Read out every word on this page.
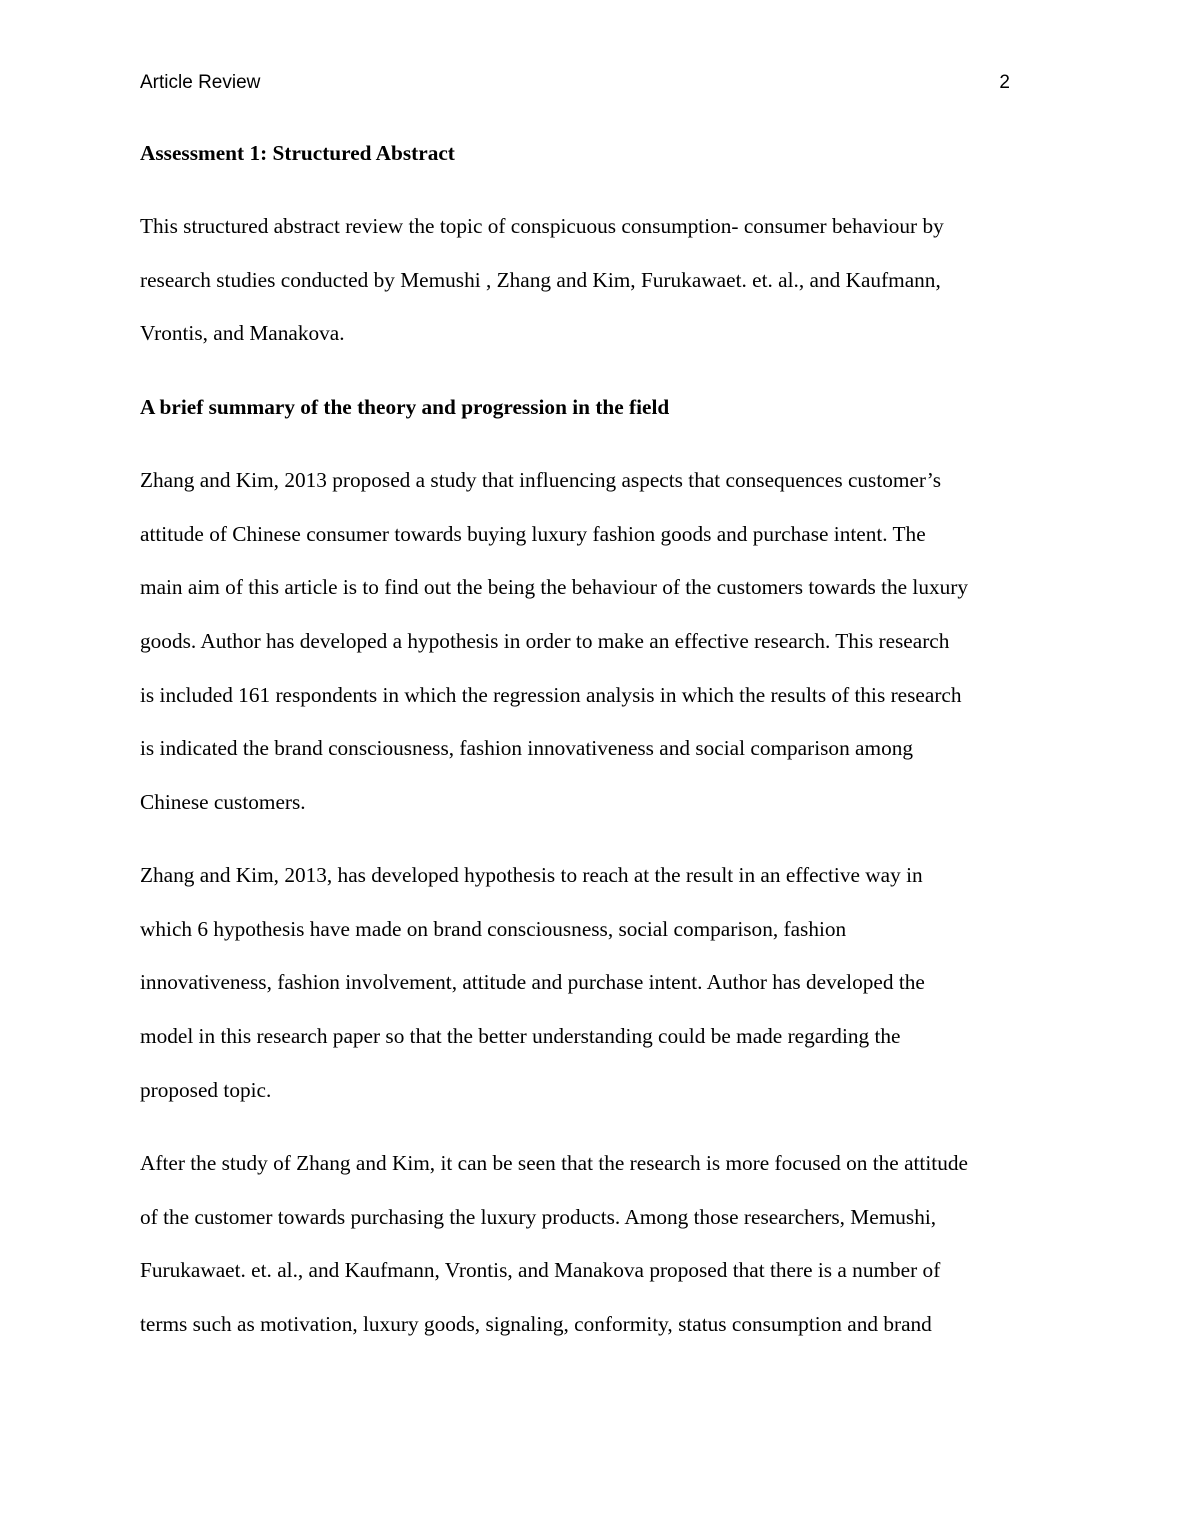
Article Review	2

Assessment 1: Structured Abstract

This structured abstract review the topic of conspicuous consumption- consumer behaviour by
research studies conducted by Memushi , Zhang and Kim, Furukawaet. et. al., and Kaufmann,
Vrontis, and Manakova.

A brief summary of the theory and progression in the field

Zhang and Kim, 2013 proposed a study that influencing aspects that consequences customer’s
attitude of Chinese consumer towards buying luxury fashion goods and purchase intent. The
main aim of this article is to find out the being the behaviour of the customers towards the luxury
goods. Author has developed a hypothesis in order to make an effective research. This research
is included 161 respondents in which the regression analysis in which the results of this research
is indicated the brand consciousness, fashion innovativeness and social comparison among
Chinese customers.
Zhang and Kim, 2013, has developed hypothesis to reach at the result in an effective way in
which 6 hypothesis have made on brand consciousness, social comparison, fashion
innovativeness, fashion involvement, attitude and purchase intent. Author has developed the
model in this research paper so that the better understanding could be made regarding the
proposed topic.
After the study of Zhang and Kim, it can be seen that the research is more focused on the attitude
of the customer towards purchasing the luxury products. Among those researchers, Memushi,
Furukawaet. et. al., and Kaufmann, Vrontis, and Manakova proposed that there is a number of
terms such as motivation, luxury goods, signaling, conformity, status consumption and brand
